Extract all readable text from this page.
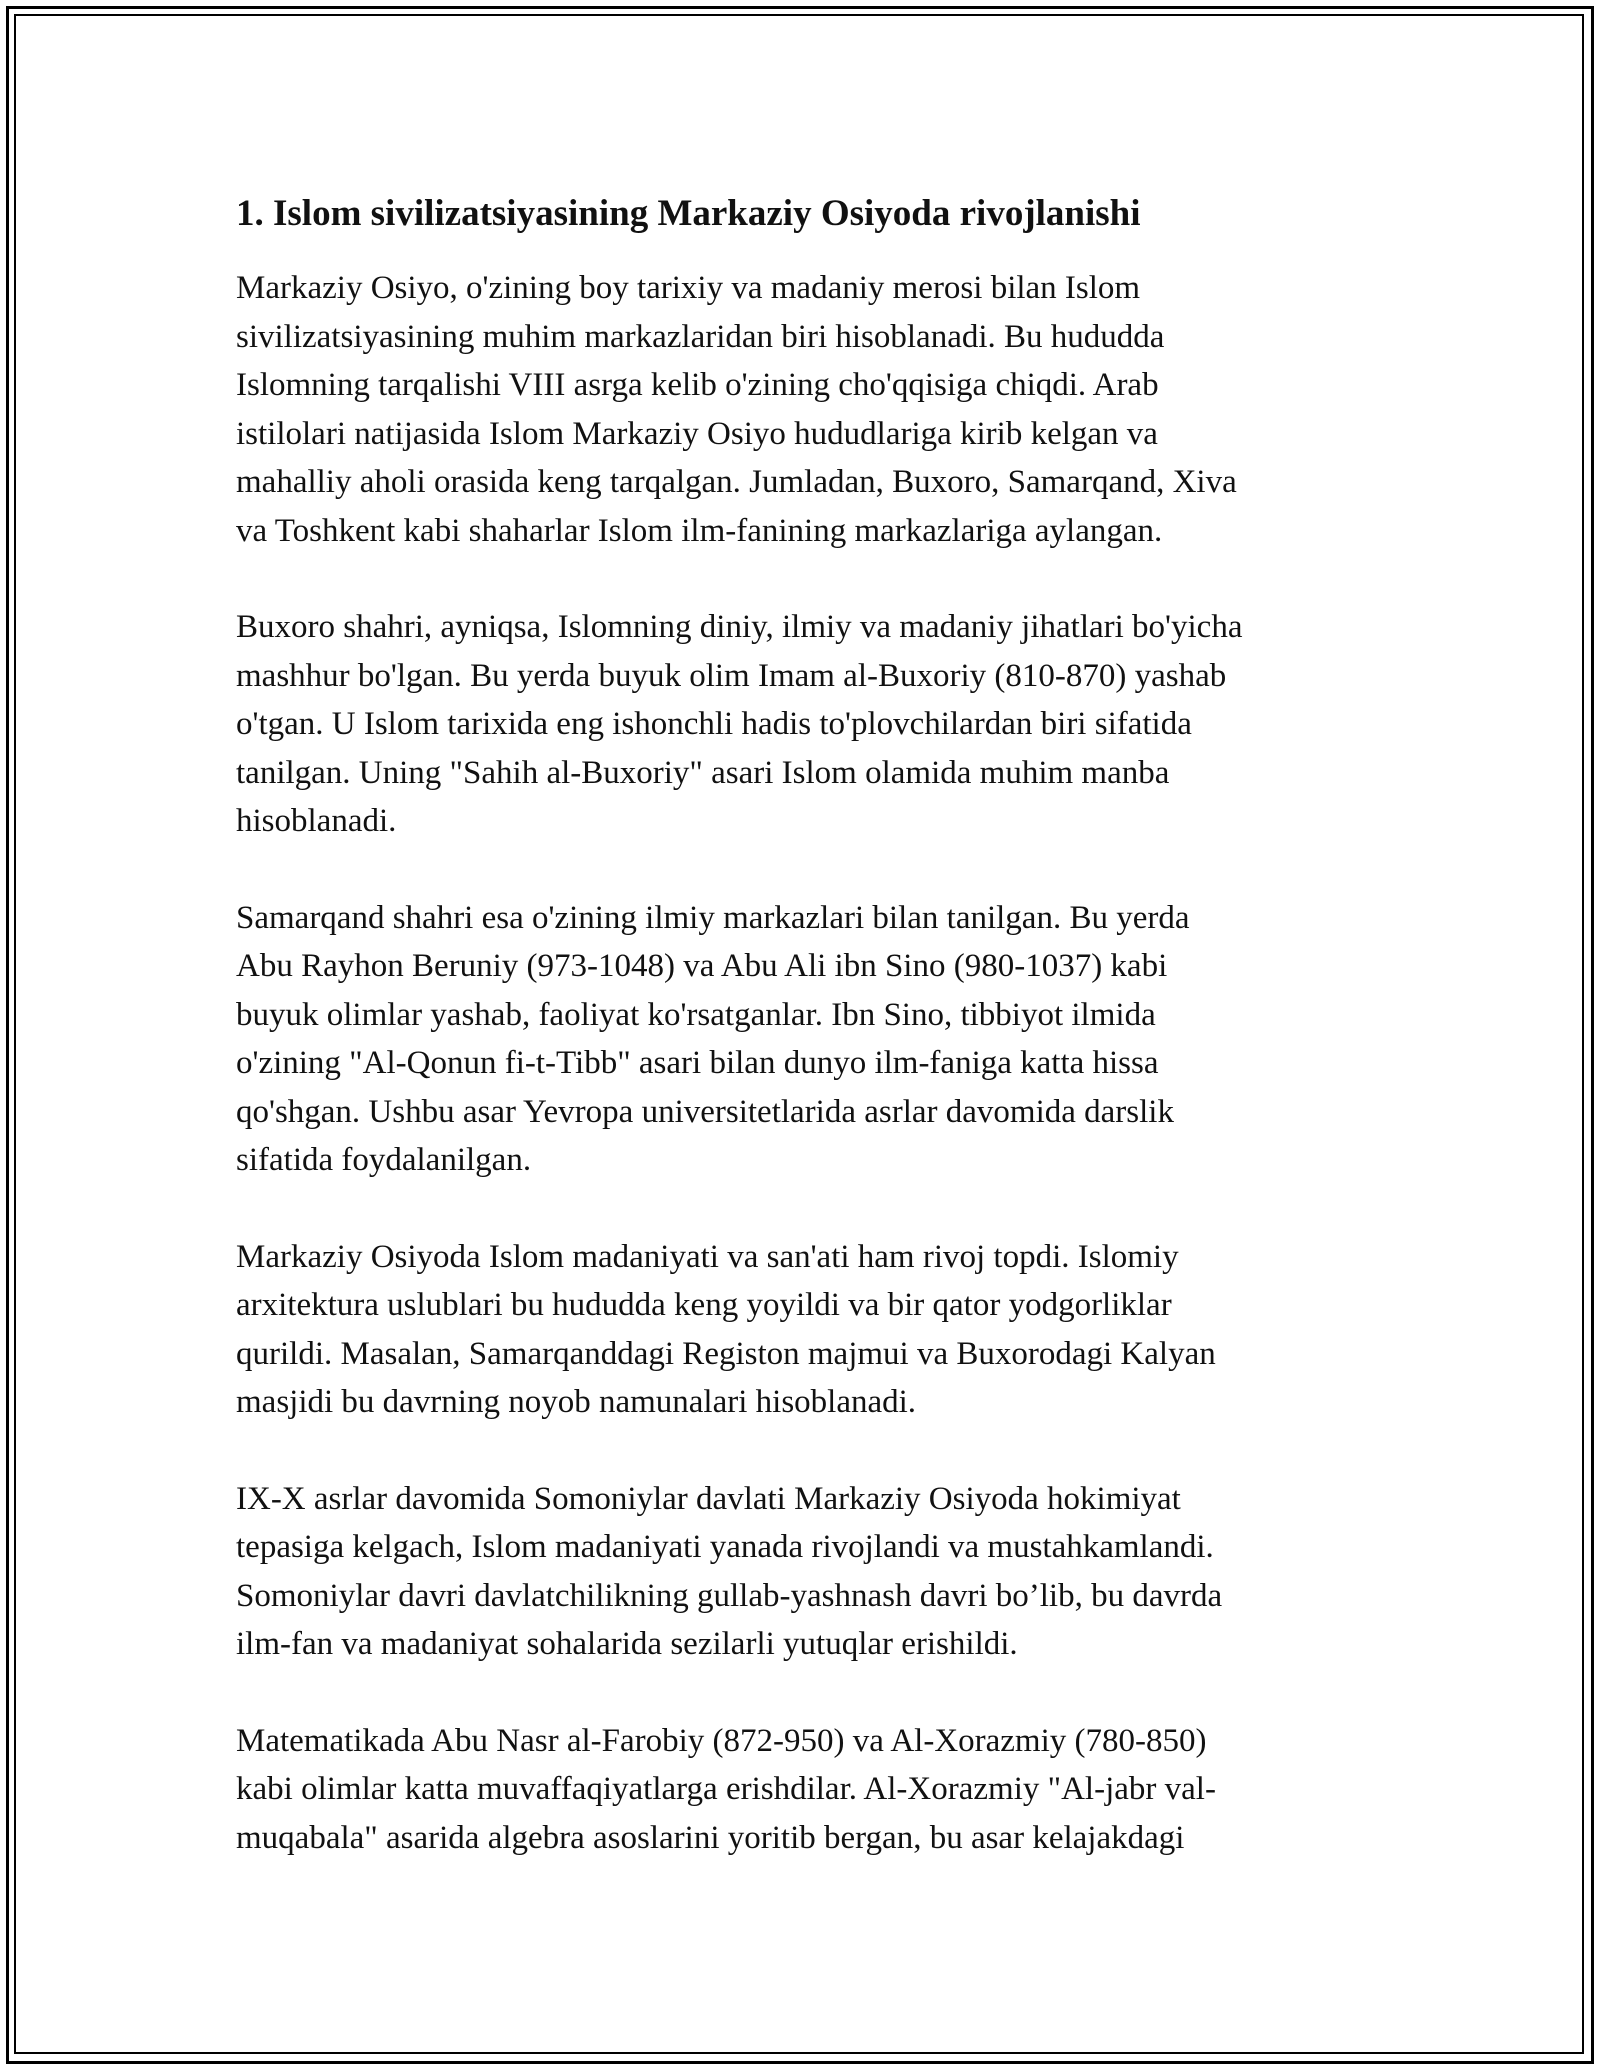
1. Islom sivilizatsiyasining Markaziy Osiyoda rivojlanishi

Markaziy Osiyo, o'zining boy tarixiy va madaniy merosi bilan Islom
sivilizatsiyasining muhim markazlaridan biri hisoblanadi. Bu hududda
Islomning tarqalishi VIII asrga kelib o'zining cho'qqisiga chiqdi. Arab
istilolari natijasida Islom Markaziy Osiyo hududlariga kirib kelgan va
mahalliy aholi orasida keng tarqalgan. Jumladan, Buxoro, Samarqand, Xiva
va Toshkent kabi shaharlar Islom ilm-fanining markazlariga aylangan.

Buxoro shahri, ayniqsa, Islomning diniy, ilmiy va madaniy jihatlari bo'yicha
mashhur bo'lgan. Bu yerda buyuk olim Imam al-Buxoriy (810-870) yashab
o'tgan. U Islom tarixida eng ishonchli hadis to'plovchilardan biri sifatida
tanilgan. Uning "Sahih al-Buxoriy" asari Islom olamida muhim manba
hisoblanadi.

Samarqand shahri esa o'zining ilmiy markazlari bilan tanilgan. Bu yerda
Abu Rayhon Beruniy (973-1048) va Abu Ali ibn Sino (980-1037) kabi
buyuk olimlar yashab, faoliyat ko'rsatganlar. Ibn Sino, tibbiyot ilmida
o'zining "Al-Qonun fi-t-Tibb" asari bilan dunyo ilm-faniga katta hissa
qo'shgan. Ushbu asar Yevropa universitetlarida asrlar davomida darslik
sifatida foydalanilgan.

Markaziy Osiyoda Islom madaniyati va san'ati ham rivoj topdi. Islomiy
arxitektura uslublari bu hududda keng yoyildi va bir qator yodgorliklar
qurildi. Masalan, Samarqanddagi Registon majmui va Buxorodagi Kalyan
masjidi bu davrning noyob namunalari hisoblanadi.

IX-X asrlar davomida Somoniylar davlati Markaziy Osiyoda hokimiyat
tepasiga kelgach, Islom madaniyati yanada rivojlandi va mustahkamlandi.
Somoniylar davri davlatchilikning gullab-yashnash davri bo’lib, bu davrda
ilm-fan va madaniyat sohalarida sezilarli yutuqlar erishildi.

Matematikada Abu Nasr al-Farobiy (872-950) va Al-Xorazmiy (780-850)
kabi olimlar katta muvaffaqiyatlarga erishdilar. Al-Xorazmiy "Al-jabr val-
muqabala" asarida algebra asoslarini yoritib bergan, bu asar kelajakdagi
